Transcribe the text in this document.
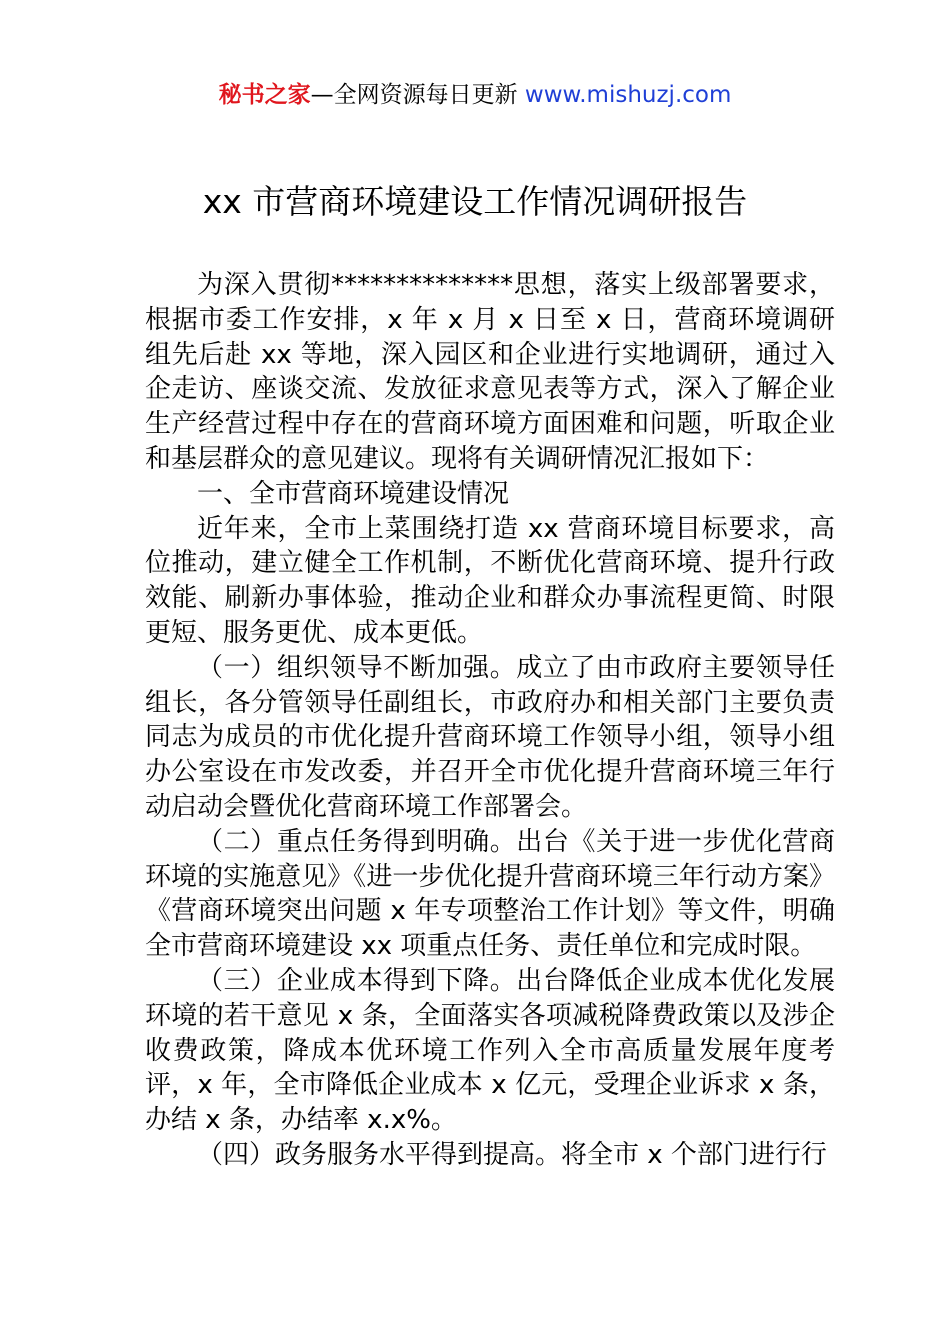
秘书之家—全网资源每日更新 www.mishuzj.com
xx 市营商环境建设工作情况调研报告

为深入贯彻**************思想，落实上级部署要求，根据市委工作安排，x 年 x 月 x 日至 x 日，营商环境调研组先后赴 xx 等地，深入园区和企业进行实地调研，通过入企走访、座谈交流、发放征求意见表等方式，深入了解企业生产经营过程中存在的营商环境方面困难和问题，听取企业和基层群众的意见建议。现将有关调研情况汇报如下：

一、全市营商环境建设情况

近年来，全市上菜围绕打造 xx 营商环境目标要求，高位推动，建立健全工作机制，不断优化营商环境、提升行政效能、刷新办事体验，推动企业和群众办事流程更简、时限更短、服务更优、成本更低。

（一）组织领导不断加强。成立了由市政府主要领导任组长，各分管领导任副组长，市政府办和相关部门主要负责同志为成员的市优化提升营商环境工作领导小组，领导小组办公室设在市发改委，并召开全市优化提升营商环境三年行动启动会暨优化营商环境工作部署会。

（二）重点任务得到明确。出台《关于进一步优化营商环境的实施意见》《进一步优化提升营商环境三年行动方案》《营商环境突出问题 x 年专项整治工作计划》等文件，明确全市营商环境建设 xx 项重点任务、责任单位和完成时限。

（三）企业成本得到下降。出台降低企业成本优化发展环境的若干意见 x 条，全面落实各项减税降费政策以及涉企收费政策，降成本优环境工作列入全市高质量发展年度考评，x 年，全市降低企业成本 x 亿元，受理企业诉求 x 条，办结 x 条，办结率 x.x%。

（四）政务服务水平得到提高。将全市 x 个部门进行行
